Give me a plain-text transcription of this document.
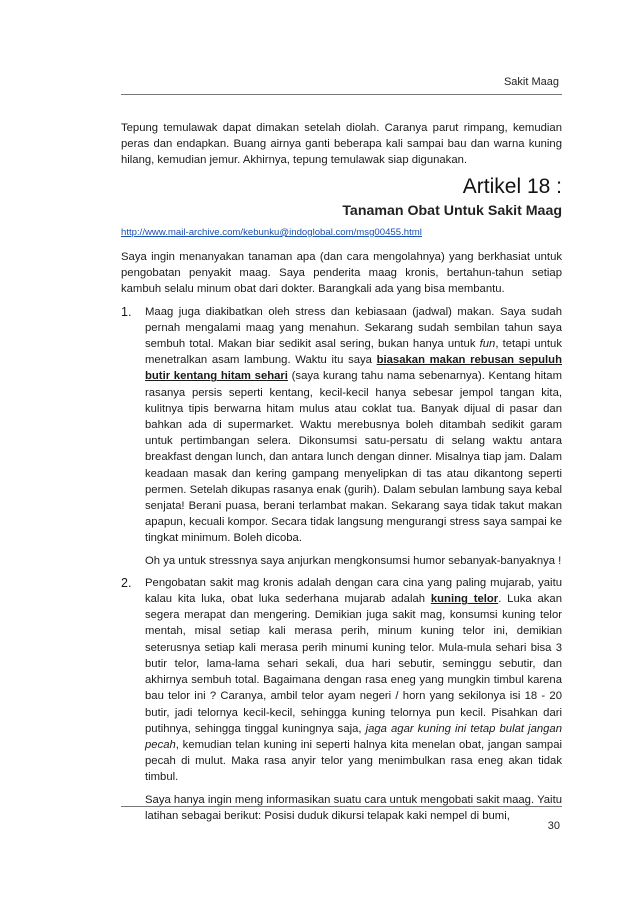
Sakit Maag

Tepung temulawak dapat dimakan setelah diolah. Caranya parut rimpang, kemudian peras dan endapkan. Buang airnya ganti beberapa kali sampai bau dan warna kuning hilang, kemudian jemur. Akhirnya, tepung temulawak siap digunakan.

Artikel 18 :
Tanaman Obat Untuk Sakit Maag
http://www.mail-archive.com/kebunku@indoglobal.com/msg00455.html

Saya ingin menanyakan tanaman apa (dan cara mengolahnya) yang berkhasiat untuk pengobatan penyakit maag. Saya penderita maag kronis, bertahun-tahun setiap kambuh selalu minum obat dari dokter. Barangkali ada yang bisa membantu.

1. Maag juga diakibatkan oleh stress dan kebiasaan (jadwal) makan. Saya sudah pernah mengalami maag yang menahun. Sekarang sudah sembilan tahun saya sembuh total. Makan biar sedikit asal sering, bukan hanya untuk fun, tetapi untuk menetralkan asam lambung. Waktu itu saya biasakan makan rebusan sepuluh butir kentang hitam sehari (saya kurang tahu nama sebenarnya). Kentang hitam rasanya persis seperti kentang, kecil-kecil hanya sebesar jempol tangan kita, kulitnya tipis berwarna hitam mulus atau coklat tua. Banyak dijual di pasar dan bahkan ada di supermarket. Waktu merebusnya boleh ditambah sedikit garam untuk pertimbangan selera. Dikonsumsi satu-persatu di selang waktu antara breakfast dengan lunch, dan antara lunch dengan dinner. Misalnya tiap jam. Dalam keadaan masak dan kering gampang menyelipkan di tas atau dikantong seperti permen. Setelah dikupas rasanya enak (gurih). Dalam sebulan lambung saya kebal senjata! Berani puasa, berani terlambat makan. Sekarang saya tidak takut makan apapun, kecuali kompor. Secara tidak langsung mengurangi stress saya sampai ke tingkat minimum. Boleh dicoba.

Oh ya untuk stressnya saya anjurkan mengkonsumsi humor sebanyak-banyaknya !

2. Pengobatan sakit mag kronis adalah dengan cara cina yang paling mujarab, yaitu kalau kita luka, obat luka sederhana mujarab adalah kuning telor. Luka akan segera merapat dan mengering. Demikian juga sakit mag, konsumsi kuning telor mentah, misal setiap kali merasa perih, minum kuning telor ini, demikian seterusnya setiap kali merasa perih minumi kuning telor. Mula-mula sehari bisa 3 butir telor, lama-lama sehari sekali, dua hari sebutir, seminggu sebutir, dan akhirnya sembuh total. Bagaimana dengan rasa eneg yang mungkin timbul karena bau telor ini ? Caranya, ambil telor ayam negeri / horn yang sekilonya isi 18 - 20 butir, jadi telornya kecil-kecil, sehingga kuning telornya pun kecil. Pisahkan dari putihnya, sehingga tinggal kuningnya saja, jaga agar kuning ini tetap bulat jangan pecah, kemudian telan kuning ini seperti halnya kita menelan obat, jangan sampai pecah di mulut. Maka rasa anyir telor yang menimbulkan rasa eneg akan tidak timbul.

Saya hanya ingin meng informasikan suatu cara untuk mengobati sakit maag. Yaitu latihan sebagai berikut: Posisi duduk dikursi telapak kaki nempel di bumi,

30
